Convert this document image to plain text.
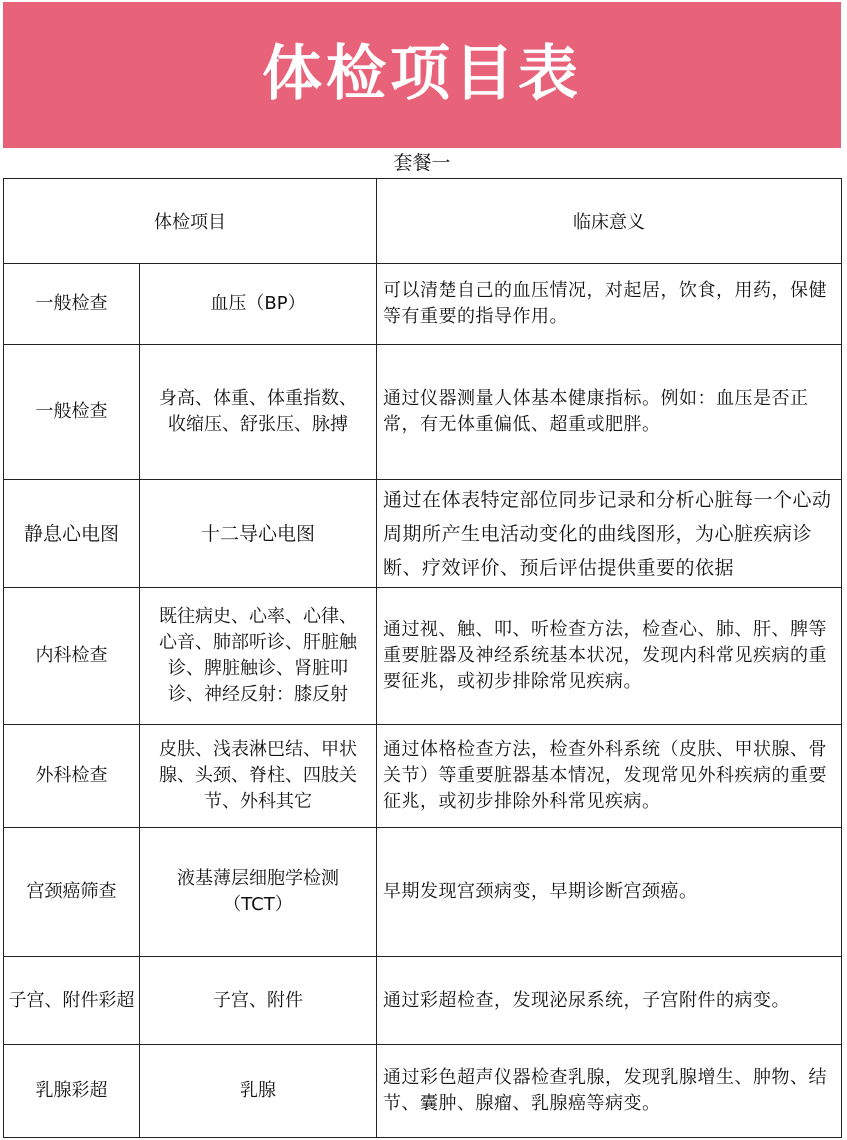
体检项目表
套餐一
体检项目		临床意义
一般检查	血压（BP）	可以清楚自己的血压情况，对起居，饮食，用药，保健等有重要的指导作用。
一般检查	身高、体重、体重指数、收缩压、舒张压、脉搏	通过仪器测量人体基本健康指标。例如：血压是否正常，有无体重偏低、超重或肥胖。
静息心电图	十二导心电图	通过在体表特定部位同步记录和分析心脏每一个心动周期所产生电活动变化的曲线图形，为心脏疾病诊断、疗效评价、预后评估提供重要的依据
内科检查	既往病史、心率、心律、心音、肺部听诊、肝脏触诊、脾脏触诊、肾脏叩诊、神经反射：膝反射	通过视、触、叩、听检查方法，检查心、肺、肝、脾等重要脏器及神经系统基本状况，发现内科常见疾病的重要征兆，或初步排除常见疾病。
外科检查	皮肤、浅表淋巴结、甲状腺、头颈、脊柱、四肢关节、外科其它	通过体格检查方法，检查外科系统（皮肤、甲状腺、骨关节）等重要脏器基本情况，发现常见外科疾病的重要征兆，或初步排除外科常见疾病。
宫颈癌筛查	液基薄层细胞学检测（TCT）	早期发现宫颈病变，早期诊断宫颈癌。
子宫、附件彩超	子宫、附件	通过彩超检查，发现泌尿系统，子宫附件的病变。
乳腺彩超	乳腺	通过彩色超声仪器检查乳腺，发现乳腺增生、肿物、结节、囊肿、腺瘤、乳腺癌等病变。
